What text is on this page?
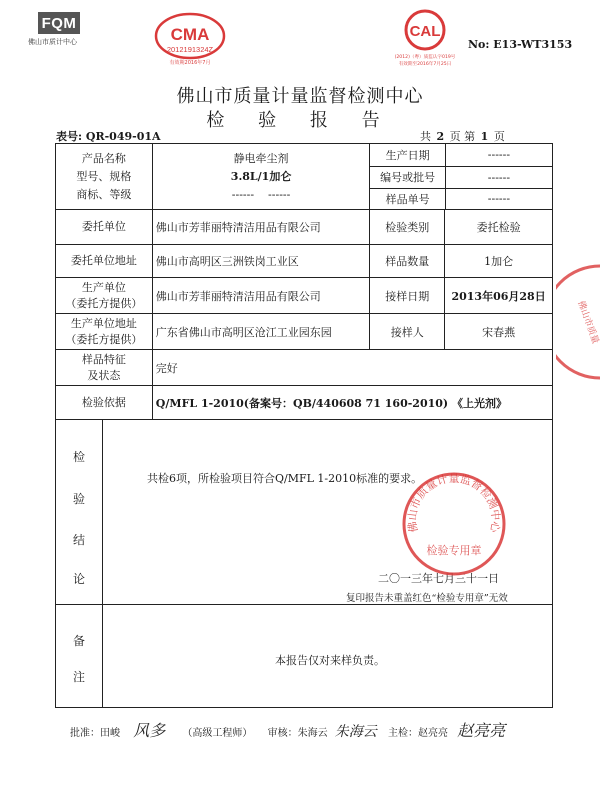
FQM
佛山市质计中心	CMA
2012191324Z
有效期2016年7月
CAL
(2012)（粤）质监认字019号
有效期至2016年7月25日
No: E13-WT3153
佛山市质量计量监督检测中心
检 验 报 告
表号: QR-049-01A	共 2 页 第 1 页
产品名称
型号、规格
商标、等级

静电牵尘剂
3.8L/1加仑
------    ------

生产日期	------
编号或批号	------
样品单号	------

委托单位	佛山市芳菲丽特清洁用品有限公司	检验类别	委托检验
委托单位地址	佛山市高明区三洲铁岗工业区	样品数量	1加仑

生产单位
（委托方提供）
	佛山市芳菲丽特清洁用品有限公司	接样日期	2013年06月28日

生产单位地址
（委托方提供）
	广东省佛山市高明区沧江工业园东园	接样人	宋春燕

样品特征
及状态
	完好
检验依据	Q/MFL 1-2010(备案号：QB/440608 71 160-2010) 《上光剂》

检
验
结
论
备
注
共检6项，所检验项目符合Q/MFL 1-2010标准的要求。
二〇一三年七月三十一日
复印报告未重盖红色“检验专用章”无效
本报告仅对来样负责。
佛山市质量计量监督检测中心
检验专用章
佛山市质量
批准：田峻 风多 （高级工程师） 审核：朱海云 朱海云 主检：赵亮亮 赵亮亮
